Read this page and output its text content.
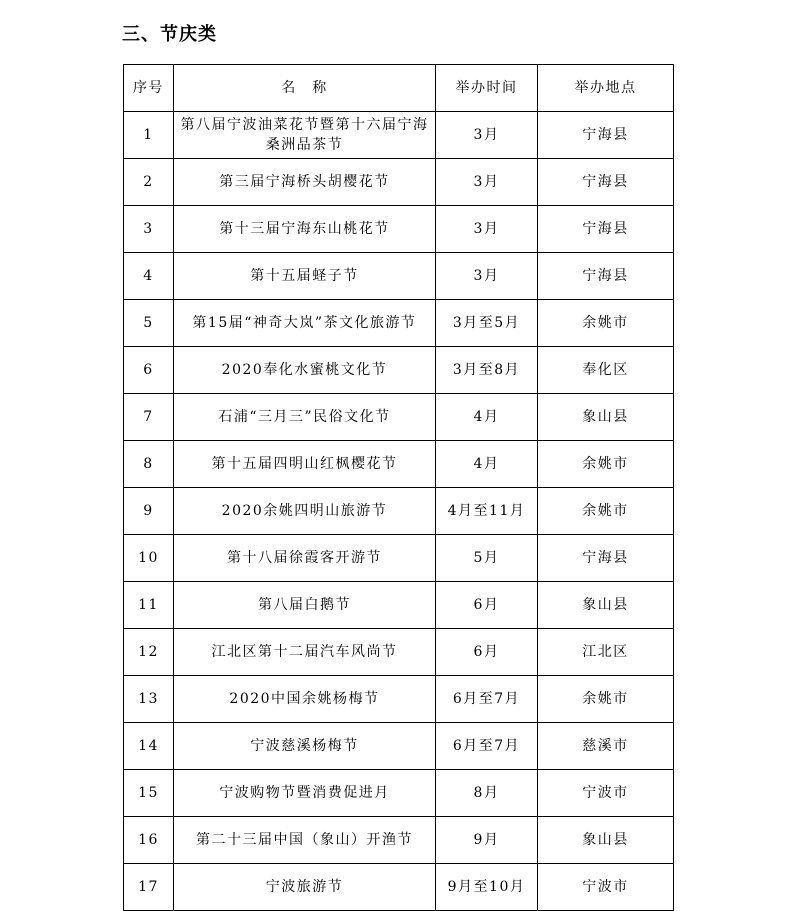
三、节庆类
序号	名　称	举办时间	举办地点
1	第八届宁波油菜花节暨第十六届宁海桑洲品茶节	3月	宁海县
2	第三届宁海桥头胡樱花节	3月	宁海县
3	第十三届宁海东山桃花节	3月	宁海县
4	第十五届蛏子节	3月	宁海县
5	第15届“神奇大岚”茶文化旅游节	3月至5月	余姚市
6	2020奉化水蜜桃文化节	3月至8月	奉化区
7	石浦“三月三”民俗文化节	4月	象山县
8	第十五届四明山红枫樱花节	4月	余姚市
9	2020余姚四明山旅游节	4月至11月	余姚市
10	第十八届徐霞客开游节	5月	宁海县
11	第八届白鹅节	6月	象山县
12	江北区第十二届汽车风尚节	6月	江北区
13	2020中国余姚杨梅节	6月至7月	余姚市
14	宁波慈溪杨梅节	6月至7月	慈溪市
15	宁波购物节暨消费促进月	8月	宁波市
16	第二十三届中国（象山）开渔节	9月	象山县
17	宁波旅游节	9月至10月	宁波市
